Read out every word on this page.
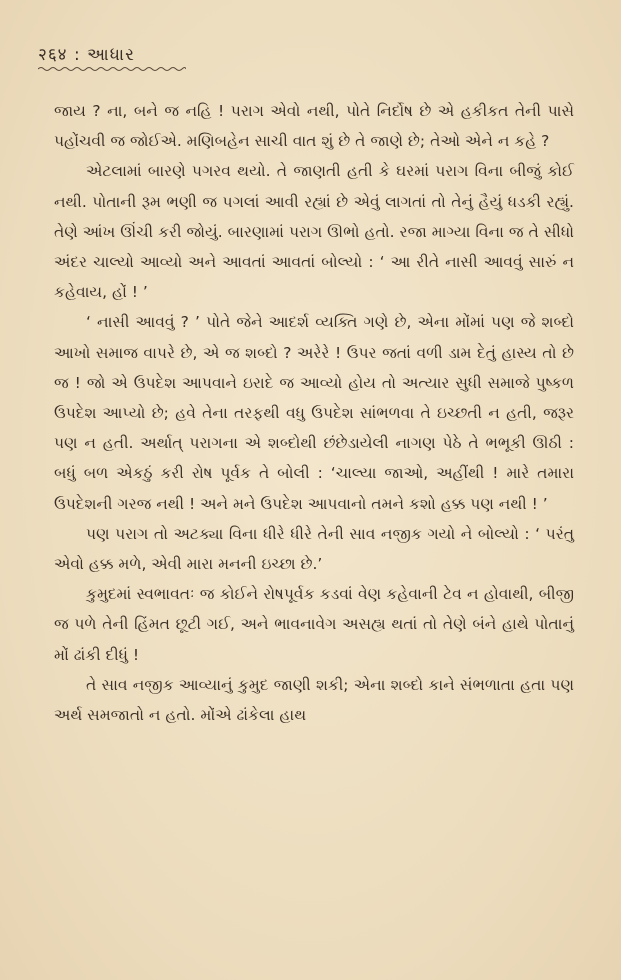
२६४ : આધાર

જાય ? ના, બને જ નહિ ! પરાગ એવો નથી, પોતે નિર્દોષ છે એ હકીકત તેની પાસે પહોંચવી જ જોઈએ. મણિબહેન સાચી વાત શું છે તે જાણે છે; તેઓ એને ન કહે ?

એટલામાં બારણે પગરવ થયો. તે જાણતી હતી કે ઘરમાં પરાગ વિના બીજું કોઈ નથી. પોતાની રૂમ ભણી જ પગલાં આવી રહ્યાં છે એવું લાગતાં તો તેનું હૈયું ધડકી રહ્યું. તેણે આંખ ઊંચી કરી જોયું. બારણામાં પરાગ ઊભો હતો. રજા માગ્યા વિના જ તે સીધો અંદર ચાલ્યો આવ્યો અને આવતાં આવતાં બોલ્યો : ‘ આ રીતે નાસી આવવું સારું ન કહેવાય, હોં ! ’

‘ નાસી આવવું ? ’ પોતે જેને આદર્શ વ્યક્તિ ગણે છે, એના મોંમાં પણ જે શબ્દો આખો સમાજ વાપરે છે, એ જ શબ્દો ? અરેરે ! ઉપર જતાં વળી ડામ દેતું હાસ્ય તો છે જ ! જો એ ઉપદેશ આપવાને ઇરાદે જ આવ્યો હોય તો અત્યાર સુધી સમાજે પુષ્કળ ઉપદેશ આપ્યો છે; હવે તેના તરફથી વધુ ઉપદેશ સાંભળવા તે ઇચ્છતી ન હતી, જરૂર પણ ન હતી. અર્થાત્ પરાગના એ શબ્દોથી છંછેડાયેલી નાગણ પેઠે તે ભભૂકી ઊઠી : બધું બળ એકઠું કરી રોષ પૂર્વક તે બોલી : ‘ચાલ્યા જાઓ, અહીંથી ! મારે તમારા ઉપદેશની ગરજ નથી ! અને મને ઉપદેશ આપવાનો તમને કશો હક્ક પણ નથી ! ’

પણ પરાગ તો અટક્યા વિના ધીરે ધીરે તેની સાવ નજીક ગયો ને બોલ્યો : ‘ પરંતુ એવો હક્ક મળે, એવી મારા મનની ઇચ્છા છે.’

કુમુદમાં સ્વભાવતઃ જ કોઈને રોષપૂર્વક કડવાં વેણ કહેવાની ટેવ ન હોવાથી, બીજી જ પળે તેની હિંમત છૂટી ગઈ, અને ભાવનાવેગ અસહ્ય થતાં તો તેણે બંને હાથે પોતાનું મોં ઢાંકી દીધું !

તે સાવ નજીક આવ્યાનું કુમુદ જાણી શકી; એના શબ્દો કાને સંભળાતા હતા પણ અર્થ સમજાતો ન હતો. મોંએ ઢાંકેલા હાથ
